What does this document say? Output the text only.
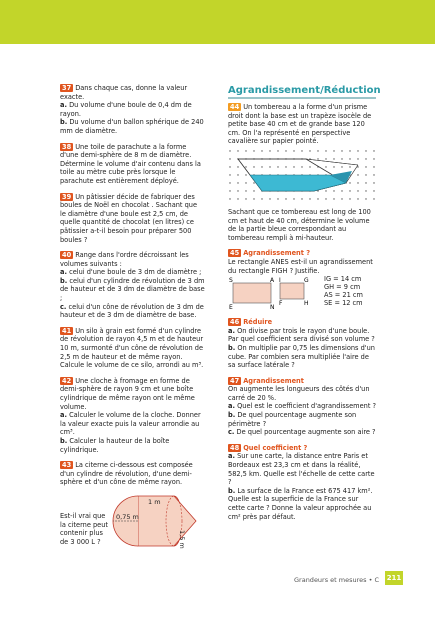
37 Dans chaque cas, donne la valeur exacte.

a. Du volume d'une boule de 0,4 dm de rayon.

b. Du volume d'un ballon sphérique de 240 mm de diamètre.

38 Une toile de parachute a la forme d'une demi-sphère de 8 m de diamètre.

Détermine le volume d'air contenu dans la toile au mètre cube près lorsque le parachute est entièrement déployé.

39 Un pâtissier décide de fabriquer des boules de Noël en chocolat . Sachant que le diamètre d'une boule est 2,5 cm, de quelle quantité de chocolat (en litres) ce pâtissier a-t-il besoin pour préparer 500 boules ?

40 Range dans l'ordre décroissant les volumes suivants :

a. celui d'une boule de 3 dm de diamètre ;

b. celui d'un cylindre de révolution de 3 dm de hauteur et de 3 dm de diamètre de base ;

c. celui d'un cône de révolution de 3 dm de hauteur et de 3 dm de diamètre de base.

41 Un silo à grain est formé d'un cylindre de révolution de rayon 4,5 m et de hauteur 10 m, surmonté d'un cône de révolution de 2,5 m de hauteur et de même rayon. Calcule le volume de ce silo, arrondi au m³.

42 Une cloche à fromage en forme de demi-sphère de rayon 9 cm et une boîte cylindrique de même rayon ont le même volume.

a. Calculer le volume de la cloche. Donner la valeur exacte puis la valeur arrondie au cm³.

b. Calculer la hauteur de la boîte cylindrique.

43 La citerne ci-dessous est composée d'un cylindre de révolution, d'une demi-sphère et d'un cône de même rayon.

Est-il vrai que la citerne peut contenir plus de 3 000 L ?

1 m
0,75 m
1,5 m
Agrandissement/Réduction

44 Un tombereau a la forme d'un prisme droit dont la base est un trapèze isocèle de petite base 40 cm et de grande base 120 cm. On l'a représenté en perspective cavalière sur papier pointé.

Sachant que ce tombereau est long de 100 cm et haut de 40 cm, détermine le volume de la partie bleue correspondant au tombereau rempli à mi-hauteur.

45 Agrandissement ?

Le rectangle ANES est-il un agrandissement du rectangle FIGH ? Justifie.

S	A I	G
E	N
F	H
IG = 14 cm
GH = 9 cm
AS = 21 cm
SE = 12 cm

46 Réduire

a. On divise par trois le rayon d'une boule. Par quel coefficient sera divisé son volume ?

b. On multiplie par 0,75 les dimensions d'un cube. Par combien sera multipliée l'aire de sa surface latérale ?

47 Agrandissement

On augmente les longueurs des côtés d'un carré de 20 %.

a. Quel est le coefficient d'agrandissement ?

b. De quel pourcentage augmente son périmètre ?

c. De quel pourcentage augmente son aire ?

48 Quel coefficient ?

a. Sur une carte, la distance entre Paris et Bordeaux est 23,3 cm et dans la réalité, 582,5 km. Quelle est l'échelle de cette carte ?

b. La surface de la France est 675 417 km². Quelle est la superficie de la France sur cette carte ? Donne la valeur approchée au cm² près par défaut.

Grandeurs et mesures • C 211
